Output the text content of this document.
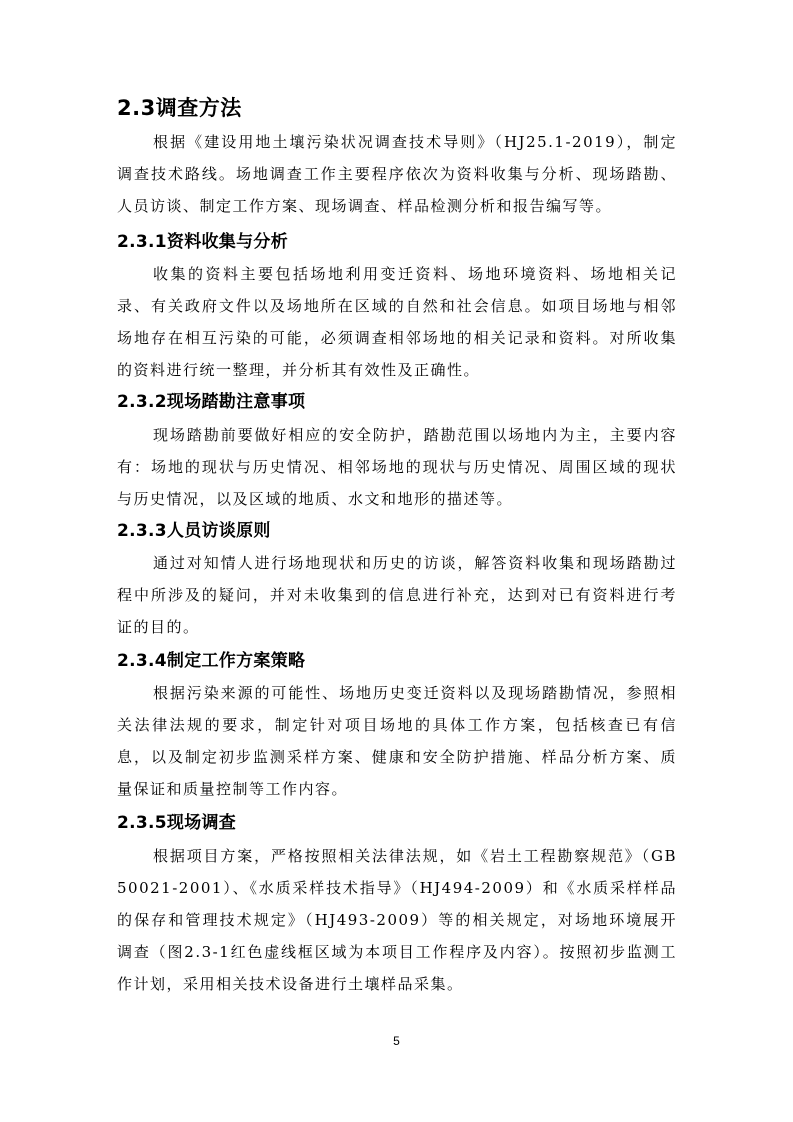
2.3调查方法
根据《建设用地土壤污染状况调查技术导则》（HJ25.1-2019），制定调查技术路线。场地调查工作主要程序依次为资料收集与分析、现场踏勘、人员访谈、制定工作方案、现场调查、样品检测分析和报告编写等。
2.3.1资料收集与分析
收集的资料主要包括场地利用变迁资料、场地环境资料、场地相关记录、有关政府文件以及场地所在区域的自然和社会信息。如项目场地与相邻场地存在相互污染的可能，必须调查相邻场地的相关记录和资料。对所收集的资料进行统一整理，并分析其有效性及正确性。
2.3.2现场踏勘注意事项
现场踏勘前要做好相应的安全防护，踏勘范围以场地内为主，主要内容有：场地的现状与历史情况、相邻场地的现状与历史情况、周围区域的现状与历史情况，以及区域的地质、水文和地形的描述等。
2.3.3人员访谈原则
通过对知情人进行场地现状和历史的访谈，解答资料收集和现场踏勘过程中所涉及的疑问，并对未收集到的信息进行补充，达到对已有资料进行考证的目的。
2.3.4制定工作方案策略
根据污染来源的可能性、场地历史变迁资料以及现场踏勘情况，参照相关法律法规的要求，制定针对项目场地的具体工作方案，包括核查已有信息，以及制定初步监测采样方案、健康和安全防护措施、样品分析方案、质量保证和质量控制等工作内容。
2.3.5现场调查
根据项目方案，严格按照相关法律法规，如《岩土工程勘察规范》（GB50021-2001）、《水质采样技术指导》（HJ494-2009）和《水质采样样品的保存和管理技术规定》（HJ493-2009）等的相关规定，对场地环境展开调查（图2.3-1红色虚线框区域为本项目工作程序及内容）。按照初步监测工作计划，采用相关技术设备进行土壤样品采集。
5
